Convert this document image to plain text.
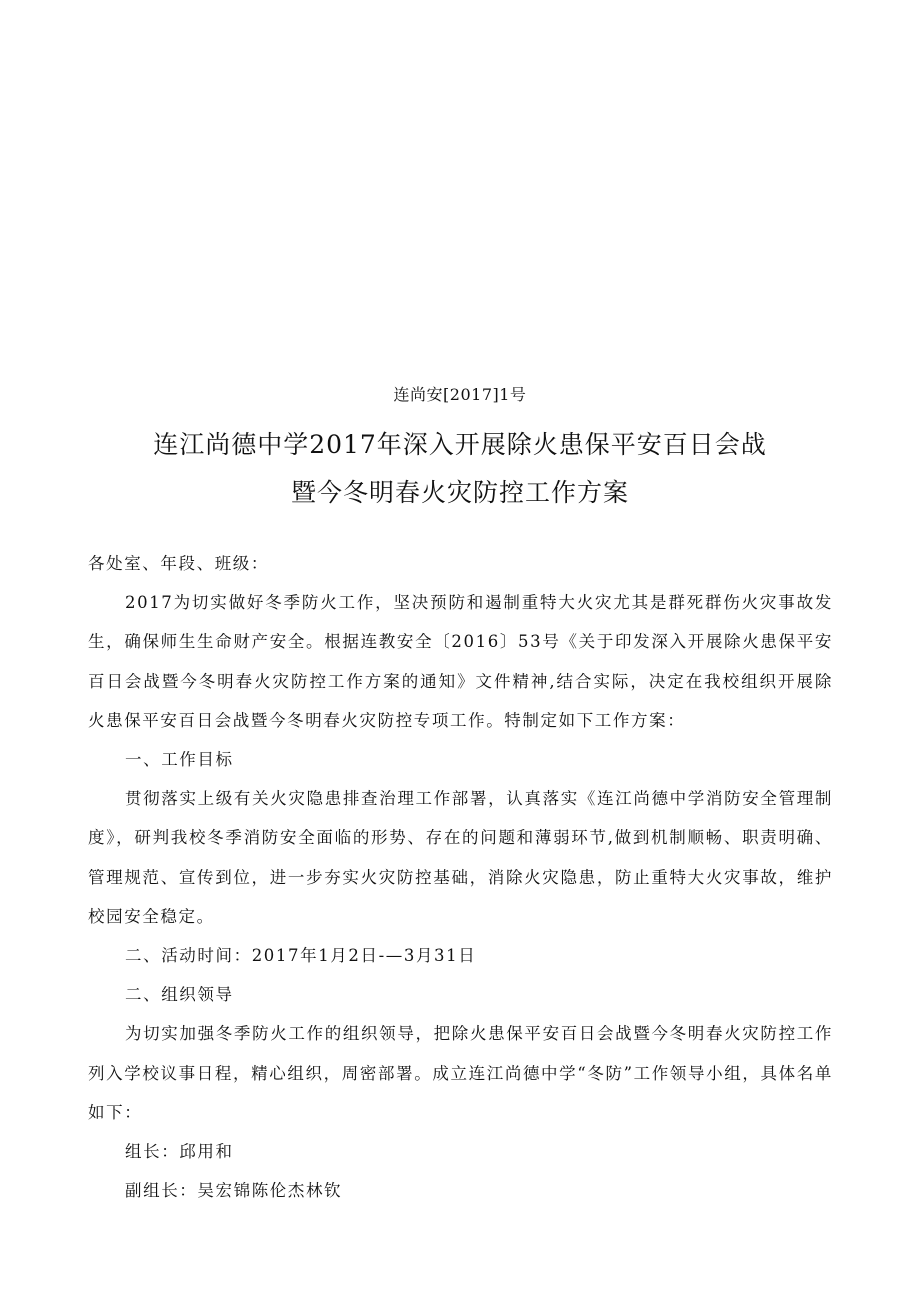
连尚安[2017]1号
连江尚德中学2017年深入开展除火患保平安百日会战
暨今冬明春火灾防控工作方案

各处室、年段、班级：

2017为切实做好冬季防火工作，坚决预防和遏制重特大火灾尤其是群死群伤火灾事故发生，确保师生生命财产安全。根据连教安全〔2016〕53号《关于印发深入开展除火患保平安百日会战暨今冬明春火灾防控工作方案的通知》文件精神,结合实际，决定在我校组织开展除火患保平安百日会战暨今冬明春火灾防控专项工作。特制定如下工作方案：

一、工作目标

贯彻落实上级有关火灾隐患排查治理工作部署，认真落实《连江尚德中学消防安全管理制度》，研判我校冬季消防安全面临的形势、存在的问题和薄弱环节,做到机制顺畅、职责明确、管理规范、宣传到位，进一步夯实火灾防控基础，消除火灾隐患，防止重特大火灾事故，维护校园安全稳定。

二、活动时间：2017年1月2日-—3月31日

二、组织领导

为切实加强冬季防火工作的组织领导，把除火患保平安百日会战暨今冬明春火灾防控工作列入学校议事日程，精心组织，周密部署。成立连江尚德中学“冬防”工作领导小组，具体名单如下：

组长：邱用和

副组长：吴宏锦陈伦杰林钦
